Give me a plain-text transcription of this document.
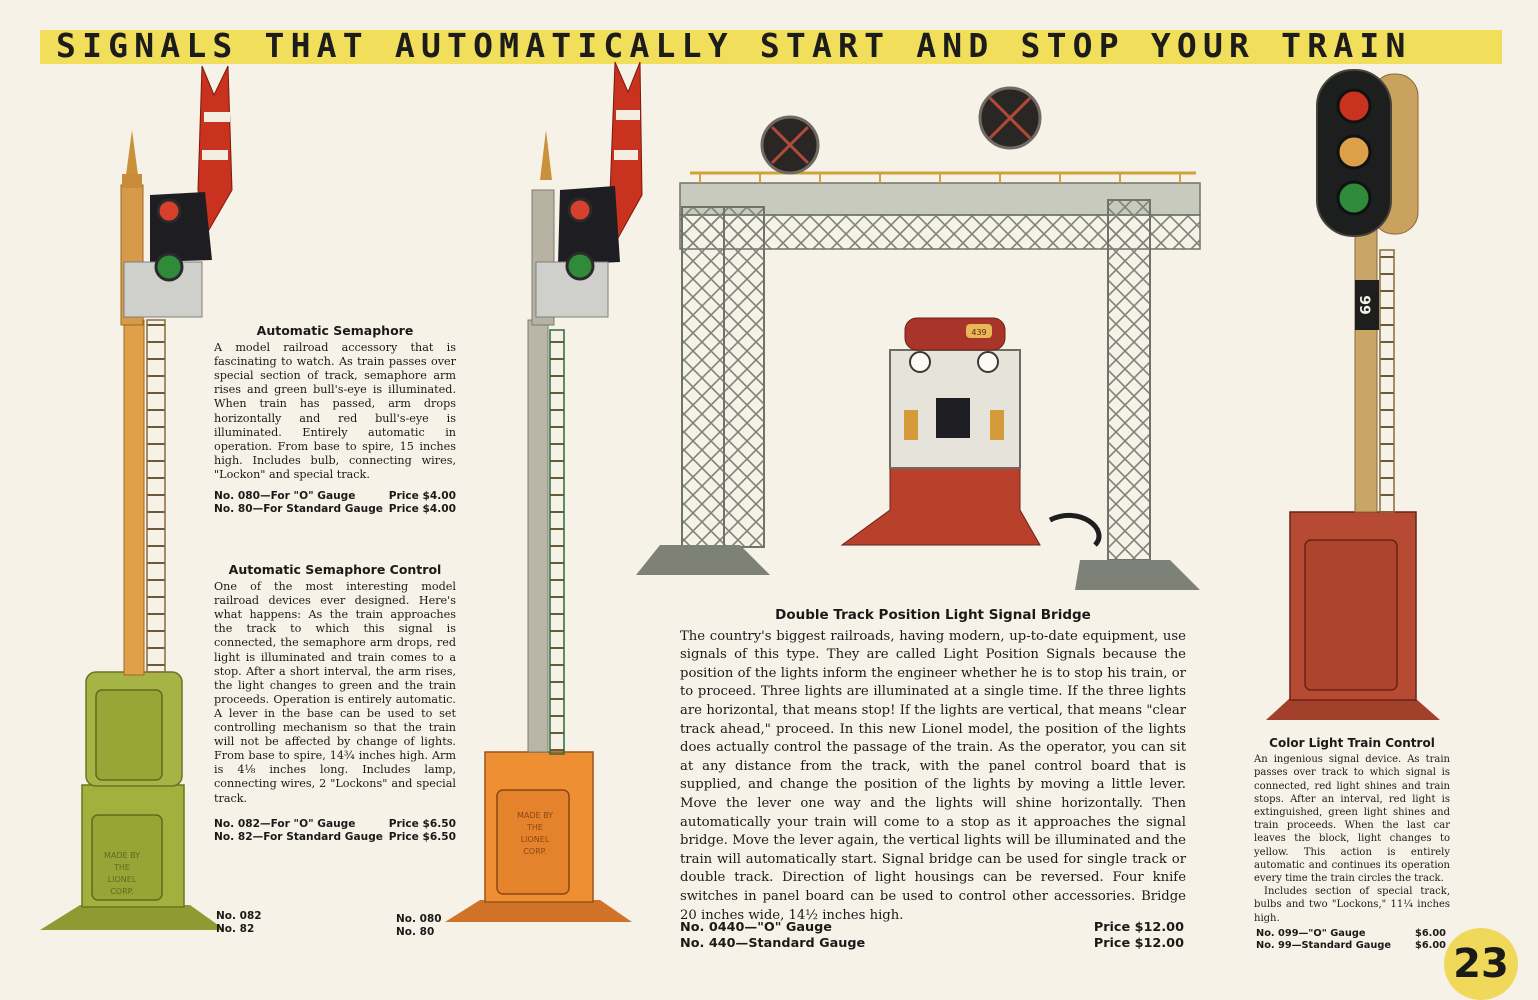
SIGNALS THAT AUTOMATICALLY START AND STOP YOUR TRAIN
MADE BY
THE
LIONEL
CORP.
MADE BY
THE
LIONEL
CORP.
439
99
Automatic Semaphore

A model railroad accessory that is fascinating to watch. As train passes over special section of track, semaphore arm rises and green bull's-eye is illuminated. When train has passed, arm drops horizontally and red bull's-eye is illuminated. Entirely automatic in operation. From base to spire, 15 inches high. Includes bulb, connecting wires, "Lockon" and special track.

No. 080—For "O" Gauge	Price $4.00
No. 80—For Standard Gauge Price $4.00
Automatic Semaphore Control

One of the most interesting model railroad devices ever designed. Here's what happens: As the train approaches the track to which this signal is connected, the semaphore arm drops, red light is illuminated and train comes to a stop. After a short interval, the arm rises, the light changes to green and the train proceeds. Operation is entirely automatic. A lever in the base can be used to set controlling mechanism so that the train will not be affected by change of lights. From base to spire, 14¾ inches high. Arm is 4⅛ inches long. Includes lamp, connecting wires, 2 "Lockons" and special track.

No. 082—For "O" Gauge	Price $6.50
No. 82—For Standard Gauge Price $6.50
No. 082
No. 82
No. 080
No. 80
Double Track Position Light Signal Bridge

The country's biggest railroads, having modern, up-to-date equipment, use signals of this type. They are called Light Position Signals because the position of the lights inform the engineer whether he is to stop his train, or to proceed. Three lights are illuminated at a single time. If the three lights are horizontal, that means stop! If the lights are vertical, that means "clear track ahead," proceed. In this new Lionel model, the position of the lights does actually control the passage of the train. As the operator, you can sit at any distance from the track, with the panel control board that is supplied, and change the position of the lights by moving a little lever. Move the lever one way and the lights will shine horizontally. Then automatically your train will come to a stop as it approaches the signal bridge. Move the lever again, the vertical lights will be illuminated and the train will automatically start. Signal bridge can be used for single track or double track. Direction of light housings can be reversed. Four knife switches in panel board can be used to control other accessories. Bridge 20 inches wide, 14½ inches high.

No. 0440—"O" Gauge	Price $12.00
No. 440—Standard Gauge	Price $12.00
Color Light Train Control

An ingenious signal device. As train passes over track to which signal is connected, red light shines and train stops. After an interval, red light is extinguished, green light shines and train proceeds. When the last car leaves the block, light changes to yellow. This action is entirely automatic and continues its operation every time the train circles the track.

Includes section of special track, bulbs and two "Lockons," 11¼ inches high.

No. 099—"O" Gauge	$6.00
No. 99—Standard Gauge $6.00 23
